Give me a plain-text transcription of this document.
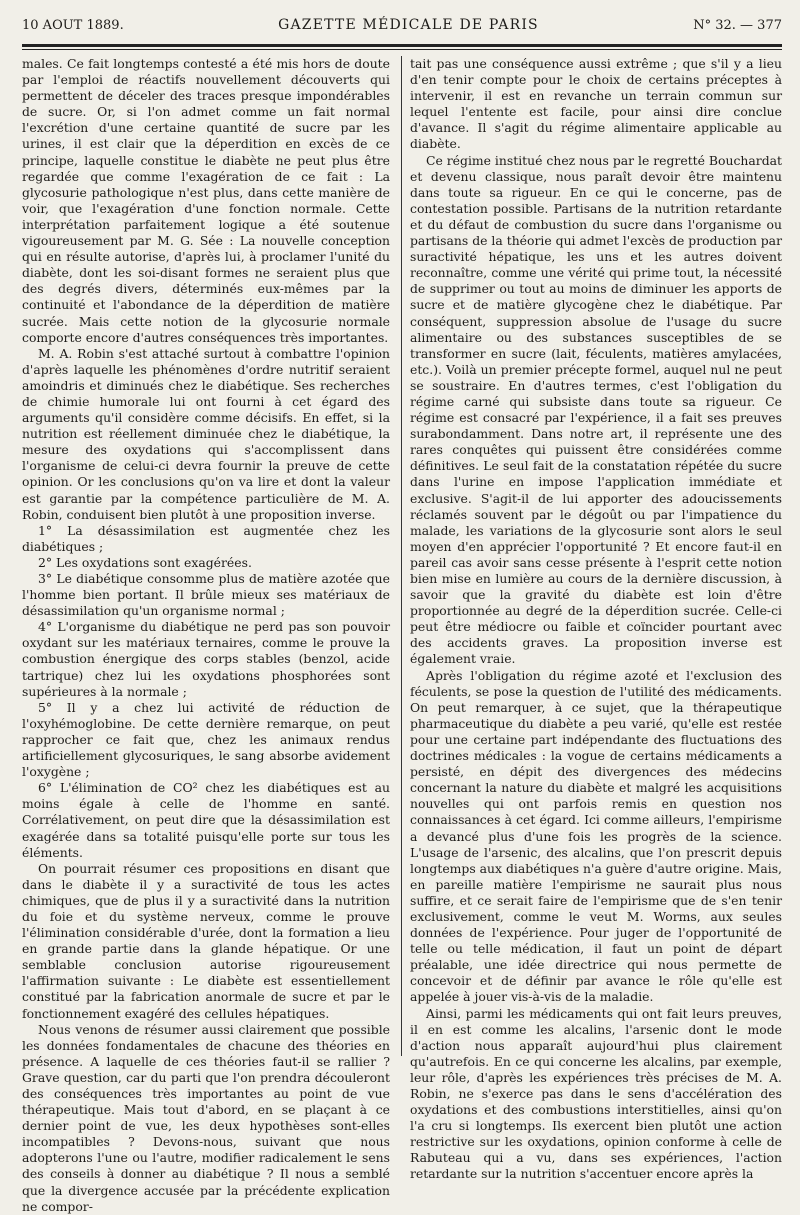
10 AOUT 1889.	GAZETTE MÉDICALE DE PARIS	N° 32. — 377

males. Ce fait longtemps contesté a été mis hors de doute par l'emploi de réactifs nouvellement découverts qui permettent de déceler des traces presque impondérables de sucre. Or, si l'on admet comme un fait normal l'excrétion d'une certaine quantité de sucre par les urines, il est clair que la déperdition en excès de ce principe, laquelle constitue le diabète ne peut plus être regardée que comme l'exagération de ce fait : La glycosurie pathologique n'est plus, dans cette manière de voir, que l'exagération d'une fonction normale. Cette interprétation parfaitement logique a été soutenue vigoureusement par M. G. Sée : La nouvelle conception qui en résulte autorise, d'après lui, à proclamer l'unité du diabète, dont les soi-disant formes ne seraient plus que des degrés divers, déterminés eux-mêmes par la continuité et l'abondance de la déperdition de matière sucrée. Mais cette notion de la glycosurie normale comporte encore d'autres conséquences très importantes.

M. A. Robin s'est attaché surtout à combattre l'opinion d'après laquelle les phénomènes d'ordre nutritif seraient amoindris et diminués chez le diabétique. Ses recherches de chimie humorale lui ont fourni à cet égard des arguments qu'il considère comme décisifs. En effet, si la nutrition est réellement diminuée chez le diabétique, la mesure des oxydations qui s'accomplissent dans l'organisme de celui-ci devra fournir la preuve de cette opinion. Or les conclusions qu'on va lire et dont la valeur est garantie par la compétence particulière de M. A. Robin, conduisent bien plutôt à une proposition inverse.

1° La désassimilation est augmentée chez les diabétiques ;

2° Les oxydations sont exagérées.

3° Le diabétique consomme plus de matière azotée que l'homme bien portant. Il brûle mieux ses matériaux de désassimilation qu'un organisme normal ;

4° L'organisme du diabétique ne perd pas son pouvoir oxydant sur les matériaux ternaires, comme le prouve la combustion énergique des corps stables (benzol, acide tartrique) chez lui les oxydations phosphorées sont supérieures à la normale ;

5° Il y a chez lui activité de réduction de l'oxyhémoglobine. De cette dernière remarque, on peut rapprocher ce fait que, chez les animaux rendus artificiellement glycosuriques, le sang absorbe avidement l'oxygène ;

6° L'élimination de CO² chez les diabétiques est au moins égale à celle de l'homme en santé. Corrélativement, on peut dire que la désassimilation est exagérée dans sa totalité puisqu'elle porte sur tous les éléments.

On pourrait résumer ces propositions en disant que dans le diabète il y a suractivité de tous les actes chimiques, que de plus il y a suractivité dans la nutrition du foie et du système nerveux, comme le prouve l'élimination considérable d'urée, dont la formation a lieu en grande partie dans la glande hépatique. Or une semblable conclusion autorise rigoureusement l'affirmation suivante : Le diabète est essentiellement constitué par la fabrication anormale de sucre et par le fonctionnement exagéré des cellules hépatiques.

Nous venons de résumer aussi clairement que possible les données fondamentales de chacune des théories en présence. A laquelle de ces théories faut-il se rallier ? Grave question, car du parti que l'on prendra découleront des conséquences très importantes au point de vue thérapeutique. Mais tout d'abord, en se plaçant à ce dernier point de vue, les deux hypothèses sont-elles incompatibles ? Devons-nous, suivant que nous adopterons l'une ou l'autre, modifier radicalement le sens des conseils à donner au diabétique ? Il nous a semblé que la divergence accusée par la précédente explication ne compor-

tait pas une conséquence aussi extrême ; que s'il y a lieu d'en tenir compte pour le choix de certains préceptes à intervenir, il est en revanche un terrain commun sur lequel l'entente est facile, pour ainsi dire conclue d'avance. Il s'agit du régime alimentaire applicable au diabète.

Ce régime institué chez nous par le regretté Bouchardat et devenu classique, nous paraît devoir être maintenu dans toute sa rigueur. En ce qui le concerne, pas de contestation possible. Partisans de la nutrition retardante et du défaut de combustion du sucre dans l'organisme ou partisans de la théorie qui admet l'excès de production par suractivité hépatique, les uns et les autres doivent reconnaître, comme une vérité qui prime tout, la nécessité de supprimer ou tout au moins de diminuer les apports de sucre et de matière glycogène chez le diabétique. Par conséquent, suppression absolue de l'usage du sucre alimentaire ou des substances susceptibles de se transformer en sucre (lait, féculents, matières amylacées, etc.). Voilà un premier précepte formel, auquel nul ne peut se soustraire. En d'autres termes, c'est l'obligation du régime carné qui subsiste dans toute sa rigueur. Ce régime est consacré par l'expérience, il a fait ses preuves surabondamment. Dans notre art, il représente une des rares conquêtes qui puissent être considérées comme définitives. Le seul fait de la constatation répétée du sucre dans l'urine en impose l'application immédiate et exclusive. S'agit-il de lui apporter des adoucissements réclamés souvent par le dégoût ou par l'impatience du malade, les variations de la glycosurie sont alors le seul moyen d'en apprécier l'opportunité ? Et encore faut-il en pareil cas avoir sans cesse présente à l'esprit cette notion bien mise en lumière au cours de la dernière discussion, à savoir que la gravité du diabète est loin d'être proportionnée au degré de la déperdition sucrée. Celle-ci peut être médiocre ou faible et coïncider pourtant avec des accidents graves. La proposition inverse est également vraie.

Après l'obligation du régime azoté et l'exclusion des féculents, se pose la question de l'utilité des médicaments. On peut remarquer, à ce sujet, que la thérapeutique pharmaceutique du diabète a peu varié, qu'elle est restée pour une certaine part indépendante des fluctuations des doctrines médicales : la vogue de certains médicaments a persisté, en dépit des divergences des médecins concernant la nature du diabète et malgré les acquisitions nouvelles qui ont parfois remis en question nos connaissances à cet égard. Ici comme ailleurs, l'empirisme a devancé plus d'une fois les progrès de la science. L'usage de l'arsenic, des alcalins, que l'on prescrit depuis longtemps aux diabétiques n'a guère d'autre origine. Mais, en pareille matière l'empirisme ne saurait plus nous suffire, et ce serait faire de l'empirisme que de s'en tenir exclusivement, comme le veut M. Worms, aux seules données de l'expérience. Pour juger de l'opportunité de telle ou telle médication, il faut un point de départ préalable, une idée directrice qui nous permette de concevoir et de définir par avance le rôle qu'elle est appelée à jouer vis-à-vis de la maladie.

Ainsi, parmi les médicaments qui ont fait leurs preuves, il en est comme les alcalins, l'arsenic dont le mode d'action nous apparaît aujourd'hui plus clairement qu'autrefois. En ce qui concerne les alcalins, par exemple, leur rôle, d'après les expériences très précises de M. A. Robin, ne s'exerce pas dans le sens d'accélération des oxydations et des combustions interstitielles, ainsi qu'on l'a cru si longtemps. Ils exercent bien plutôt une action restrictive sur les oxydations, opinion conforme à celle de Rabuteau qui a vu, dans ses expériences, l'action retardante sur la nutrition s'accentuer encore après la
